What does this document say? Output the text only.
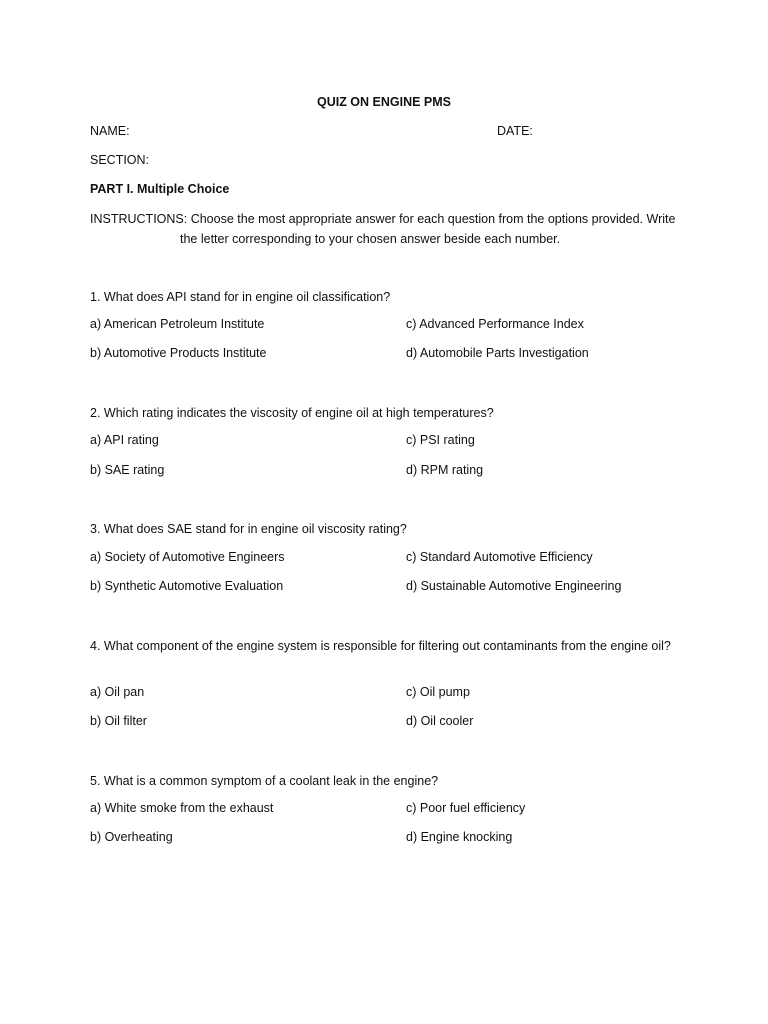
QUIZ ON ENGINE PMS
NAME:	DATE:
SECTION:
PART I. Multiple Choice
INSTRUCTIONS: Choose the most appropriate answer for each question from the options provided. Write
the letter corresponding to your chosen answer beside each number.
1. What does API stand for in engine oil classification?
a) American Petroleum Institute	c) Advanced Performance Index
b) Automotive Products Institute	d) Automobile Parts Investigation
2. Which rating indicates the viscosity of engine oil at high temperatures?
a) API rating	c) PSI rating
b) SAE rating	d) RPM rating
3. What does SAE stand for in engine oil viscosity rating?
a) Society of Automotive Engineers	c) Standard Automotive Efficiency
b) Synthetic Automotive Evaluation	d) Sustainable Automotive Engineering
4. What component of the engine system is responsible for filtering out contaminants from the engine oil?
a) Oil pan	c) Oil pump
b) Oil filter	d) Oil cooler
5. What is a common symptom of a coolant leak in the engine?
a) White smoke from the exhaust	c) Poor fuel efficiency
b) Overheating	d) Engine knocking
